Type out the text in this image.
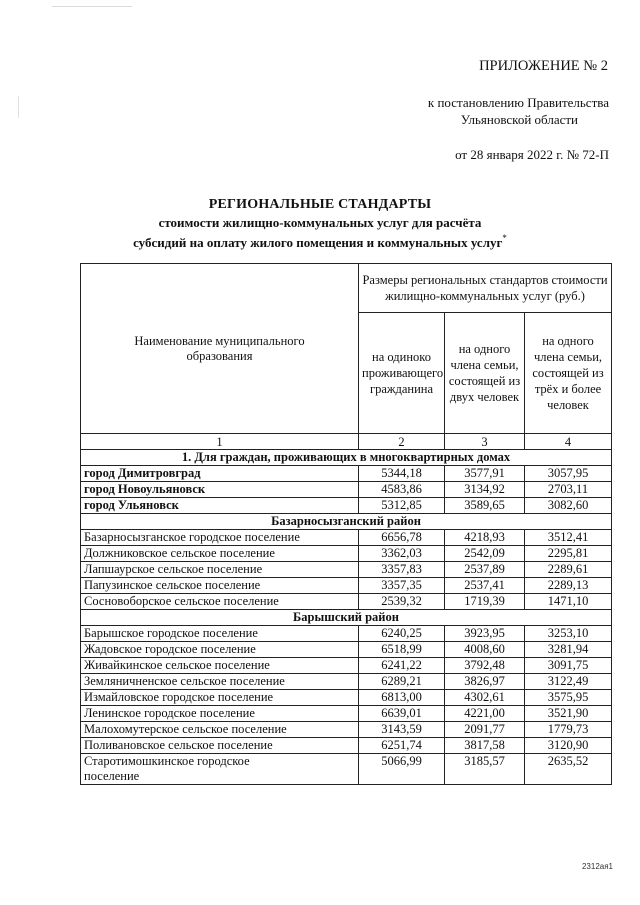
ПРИЛОЖЕНИЕ № 2
к постановлению Правительства
Ульяновской области
от 28 января 2022 г. № 72-П
РЕГИОНАЛЬНЫЕ СТАНДАРТЫ
стоимости жилищно-коммунальных услуг для расчёта
субсидий на оплату жилого помещения и коммунальных услуг*
Наименование муниципального образования	Размеры региональных стандартов стоимости жилищно-коммунальных услуг (руб.)		
	на одиноко проживающего гражданина	на одного члена семьи, состоящей из двух человек	на одного члена семьи, состоящей из трёх и более человек
1	2	3	4
1. Для граждан, проживающих в многоквартирных домах			
город Димитровград	5344,18	3577,91	3057,95
город Новоульяновск	4583,86	3134,92	2703,11
город Ульяновск	5312,85	3589,65	3082,60
Базарносызганский район			
Базарносызганское городское поселение	6656,78	4218,93	3512,41
Должниковское сельское поселение	3362,03	2542,09	2295,81
Лапшаурское сельское поселение	3357,83	2537,89	2289,61
Папузинское сельское поселение	3357,35	2537,41	2289,13
Сосновоборское сельское поселение	2539,32	1719,39	1471,10
Барышский район			
Барышское городское поселение	6240,25	3923,95	3253,10
Жадовское городское поселение	6518,99	4008,60	3281,94
Живайкинское сельское поселение	6241,22	3792,48	3091,75
Земляничненское сельское поселение	6289,21	3826,97	3122,49
Измайловское городское поселение	6813,00	4302,61	3575,95
Ленинское городское поселение	6639,01	4221,00	3521,90
Малохомутерское сельское поселение	3143,59	2091,77	1779,73
Поливановское сельское поселение	6251,74	3817,58	3120,90
Старотимошкинское городское поселение	5066,99	3185,57	2635,52
2312ая1
